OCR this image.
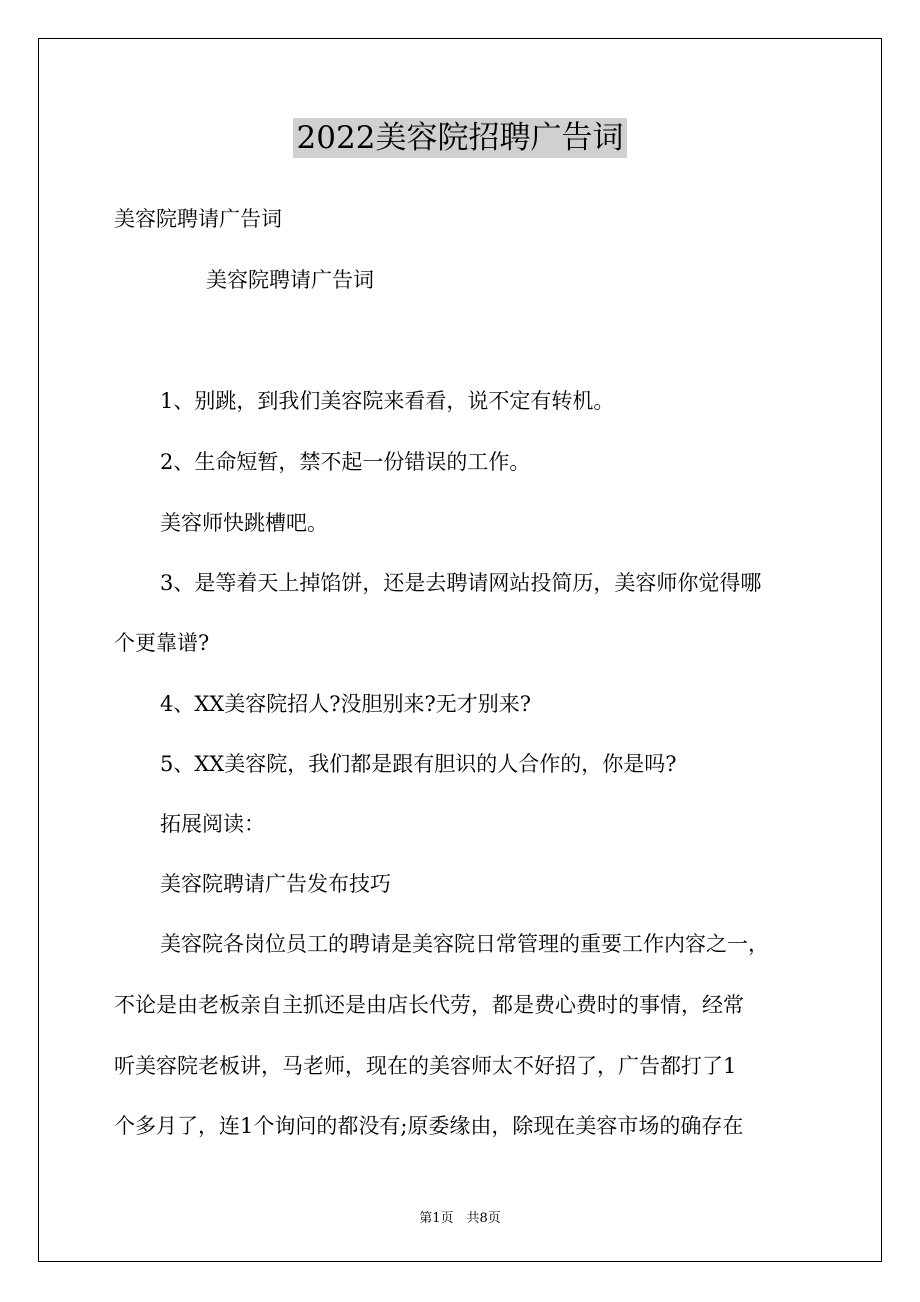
2022美容院招聘广告词

美容院聘请广告词

美容院聘请广告词

1、别跳，到我们美容院来看看，说不定有转机。

2、生命短暂，禁不起一份错误的工作。

美容师快跳槽吧。

3、是等着天上掉馅饼，还是去聘请网站投简历，美容师你觉得哪

个更靠谱?

4、XX美容院招人?没胆别来?无才别来?

5、XX美容院，我们都是跟有胆识的人合作的，你是吗?

拓展阅读：

美容院聘请广告发布技巧

美容院各岗位员工的聘请是美容院日常管理的重要工作内容之一，

不论是由老板亲自主抓还是由店长代劳，都是费心费时的事情，经常

听美容院老板讲，马老师，现在的美容师太不好招了，广告都打了1

个多月了，连1个询问的都没有;原委缘由，除现在美容市场的确存在

第1页　共8页
